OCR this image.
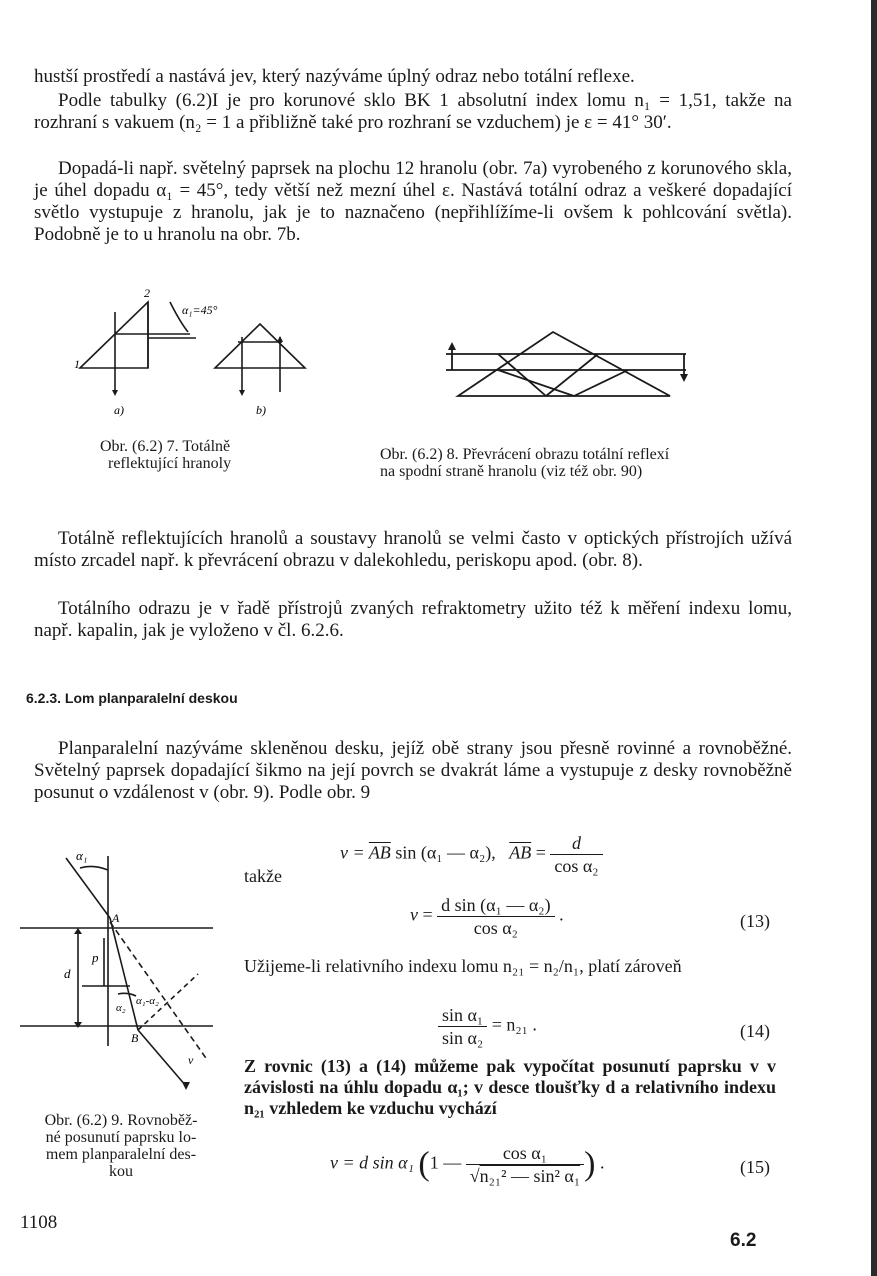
hustší prostředí a nastává jev, který nazýváme úplný odraz nebo totální reflexe.
Podle tabulky (6.2)I je pro korunové sklo BK 1 absolutní index lomu n₁ = 1,51, takže na rozhraní s vakuem (n₂ = 1 a přibližně také pro rozhraní se vzduchem) je ε = 41° 30′.
Dopadá-li např. světelný paprsek na plochu 12 hranolu (obr. 7a) vyrobeného z korunového skla, je úhel dopadu α₁ = 45°, tedy větší než mezní úhel ε. Nastává totální odraz a veškeré dopadající světlo vystupuje z hranolu, jak je to naznačeno (nepřihlížíme-li ovšem k pohlcování světla). Podobně je to u hranolu na obr. 7b.
2
1
α₁=45°
a)	b)
Obr. (6.2) 7. Totálně
reflektující hranoly
Obr. (6.2) 8. Převrácení obrazu totální reflexí
na spodní straně hranolu (viz též obr. 90)
Totálně reflektujících hranolů a soustavy hranolů se velmi často v optických přístrojích užívá místo zrcadel např. k převrácení obrazu v dalekohledu, periskopu apod. (obr. 8).
Totálního odrazu je v řadě přístrojů zvaných refraktometry užito též k měření indexu lomu, např. kapalin, jak je vyloženo v čl. 6.2.6.
6.2.3. Lom planparalelní deskou
Planparalelní nazýváme skleněnou desku, jejíž obě strany jsou přesně rovinné a rovnoběžné. Světelný paprsek dopadající šikmo na její povrch se dvakrát láme a vystupuje z desky rovnoběžně posunut o vzdálenost v (obr. 9). Podle obr. 9
α₁
A
B
d
p
α₂
α₁-α₂
v
Obr. (6.2) 9. Rovnoběž-
né posunutí paprsku lo-
mem planparalelní des-
kou
$v = \overline{AB}$ sin (α₁ — α₂), $\overline{AB} = \frac{d}{\text{cos α₂}}$
takže
$v = \frac{\text{d sin (α₁ — α₂)}}{\text{cos α₂}}$ .	(13)
Užijeme-li relativního indexu lomu n₂₁ = n₂/n₁, platí zároveň
$\frac{\text{sin α₁}}{\text{sin α₂}} = n_{21}$ .	(14)
Z rovnic (13) a (14) můžeme pak vypočítat posunutí paprsku v v závislosti na úhlu dopadu α₁; v desce tloušťky d a relativního indexu n₂₁ vzhledem ke vzduchu vychází
v = d sin α₁ (1 — $\frac{\text{cos α₁}}{\text{√n₂₁² — sin² α₁}}$ ) .	(15)
1108
6.2
